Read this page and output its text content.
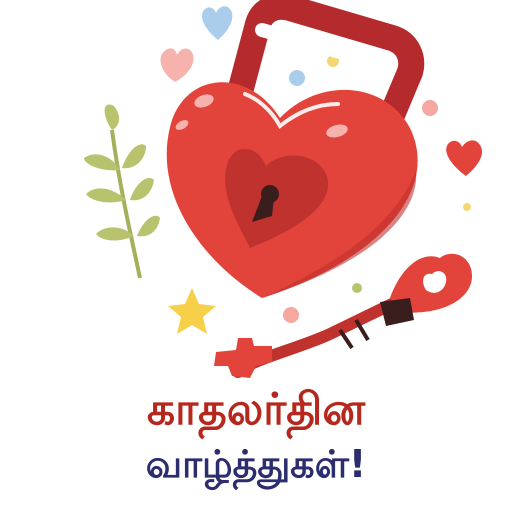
காதலர்தின
வாழ்த்துகள்!
